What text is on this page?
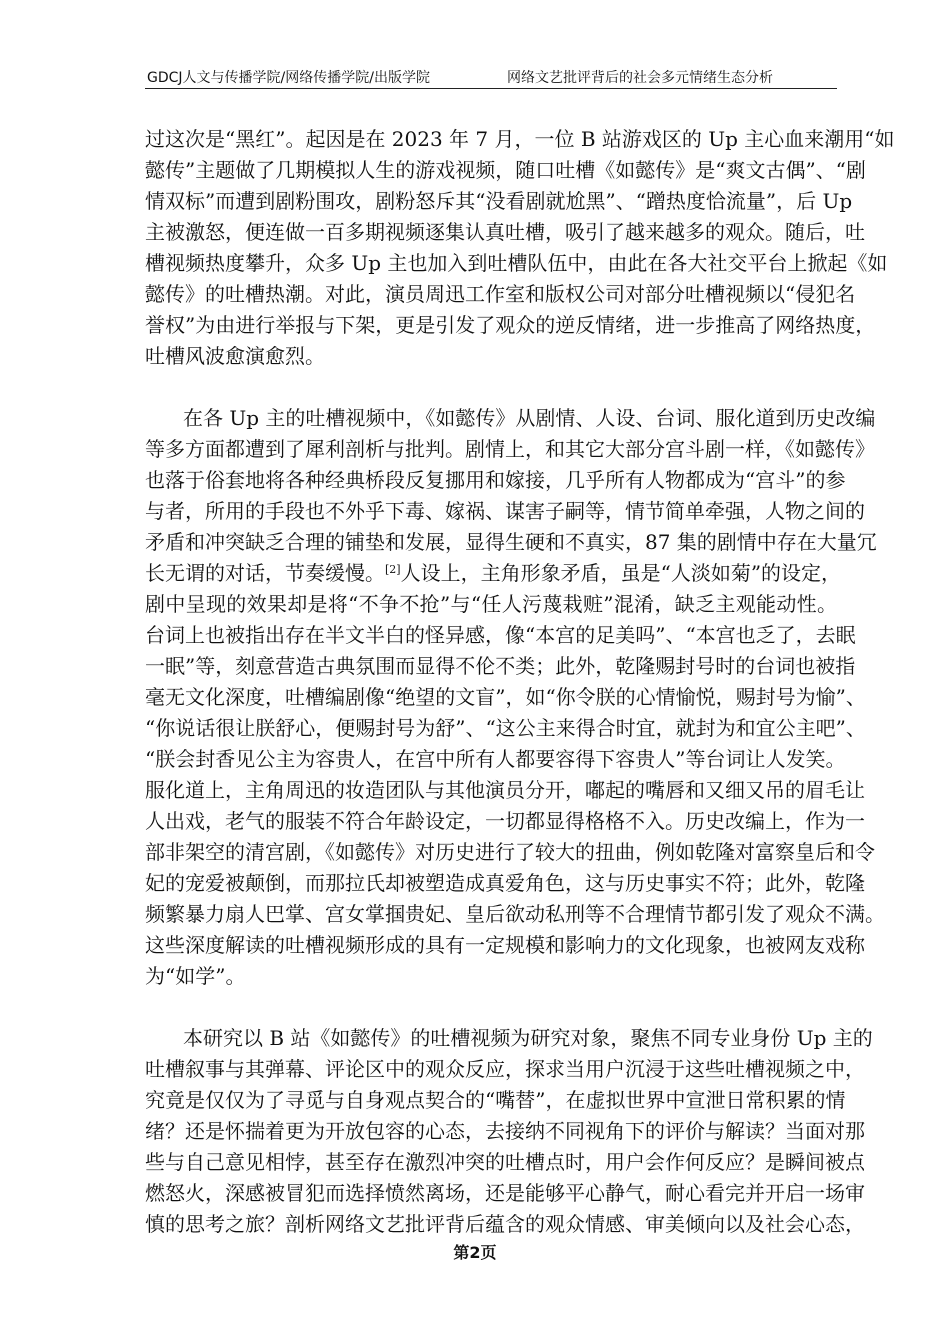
GDCJ人文与传播学院/网络传播学院/出版学院	网络文艺批评背后的社会多元情绪生态分析
过这次是“黑红”。起因是在 2023 年 7 月，一位 B 站游戏区的 Up 主心血来潮用“如
懿传”主题做了几期模拟人生的游戏视频，随口吐槽《如懿传》是“爽文古偶”、“剧
情双标”而遭到剧粉围攻，剧粉怒斥其“没看剧就尬黑”、“蹭热度恰流量”，后 Up
主被激怒，便连做一百多期视频逐集认真吐槽，吸引了越来越多的观众。随后，吐
槽视频热度攀升，众多 Up 主也加入到吐槽队伍中，由此在各大社交平台上掀起《如
懿传》的吐槽热潮。对此，演员周迅工作室和版权公司对部分吐槽视频以“侵犯名
誉权”为由进行举报与下架，更是引发了观众的逆反情绪，进一步推高了网络热度，
吐槽风波愈演愈烈。
在各 Up 主的吐槽视频中，《如懿传》从剧情、人设、台词、服化道到历史改编
等多方面都遭到了犀利剖析与批判。剧情上，和其它大部分宫斗剧一样，《如懿传》
也落于俗套地将各种经典桥段反复挪用和嫁接，几乎所有人物都成为“宫斗”的参
与者，所用的手段也不外乎下毒、嫁祸、谋害子嗣等，情节简单牵强，人物之间的
矛盾和冲突缺乏合理的铺垫和发展，显得生硬和不真实，87 集的剧情中存在大量冗
长无谓的对话，节奏缓慢。[2]人设上，主角形象矛盾，虽是“人淡如菊”的设定，
剧中呈现的效果却是将“不争不抢”与“任人污蔑栽赃”混淆，缺乏主观能动性。
台词上也被指出存在半文半白的怪异感，像“本宫的足美吗”、“本宫也乏了，去眠
一眠”等，刻意营造古典氛围而显得不伦不类；此外，乾隆赐封号时的台词也被指
毫无文化深度，吐槽编剧像“绝望的文盲”，如“你令朕的心情愉悦，赐封号为愉”、
“你说话很让朕舒心，便赐封号为舒”、“这公主来得合时宜，就封为和宜公主吧”、
“朕会封香见公主为容贵人，在宫中所有人都要容得下容贵人”等台词让人发笑。
服化道上，主角周迅的妆造团队与其他演员分开，嘟起的嘴唇和又细又吊的眉毛让
人出戏，老气的服装不符合年龄设定，一切都显得格格不入。历史改编上，作为一
部非架空的清宫剧，《如懿传》对历史进行了较大的扭曲，例如乾隆对富察皇后和令
妃的宠爱被颠倒，而那拉氏却被塑造成真爱角色，这与历史事实不符；此外，乾隆
频繁暴力扇人巴掌、宫女掌掴贵妃、皇后欲动私刑等不合理情节都引发了观众不满。
这些深度解读的吐槽视频形成的具有一定规模和影响力的文化现象，也被网友戏称
为“如学”。
本研究以 B 站《如懿传》的吐槽视频为研究对象，聚焦不同专业身份 Up 主的
吐槽叙事与其弹幕、评论区中的观众反应，探求当用户沉浸于这些吐槽视频之中，
究竟是仅仅为了寻觅与自身观点契合的“嘴替”，在虚拟世界中宣泄日常积累的情
绪？还是怀揣着更为开放包容的心态，去接纳不同视角下的评价与解读？当面对那
些与自己意见相悖，甚至存在激烈冲突的吐槽点时，用户会作何反应？是瞬间被点
燃怒火，深感被冒犯而选择愤然离场，还是能够平心静气，耐心看完并开启一场审
慎的思考之旅？剖析网络文艺批评背后蕴含的观众情感、审美倾向以及社会心态，
第2页
